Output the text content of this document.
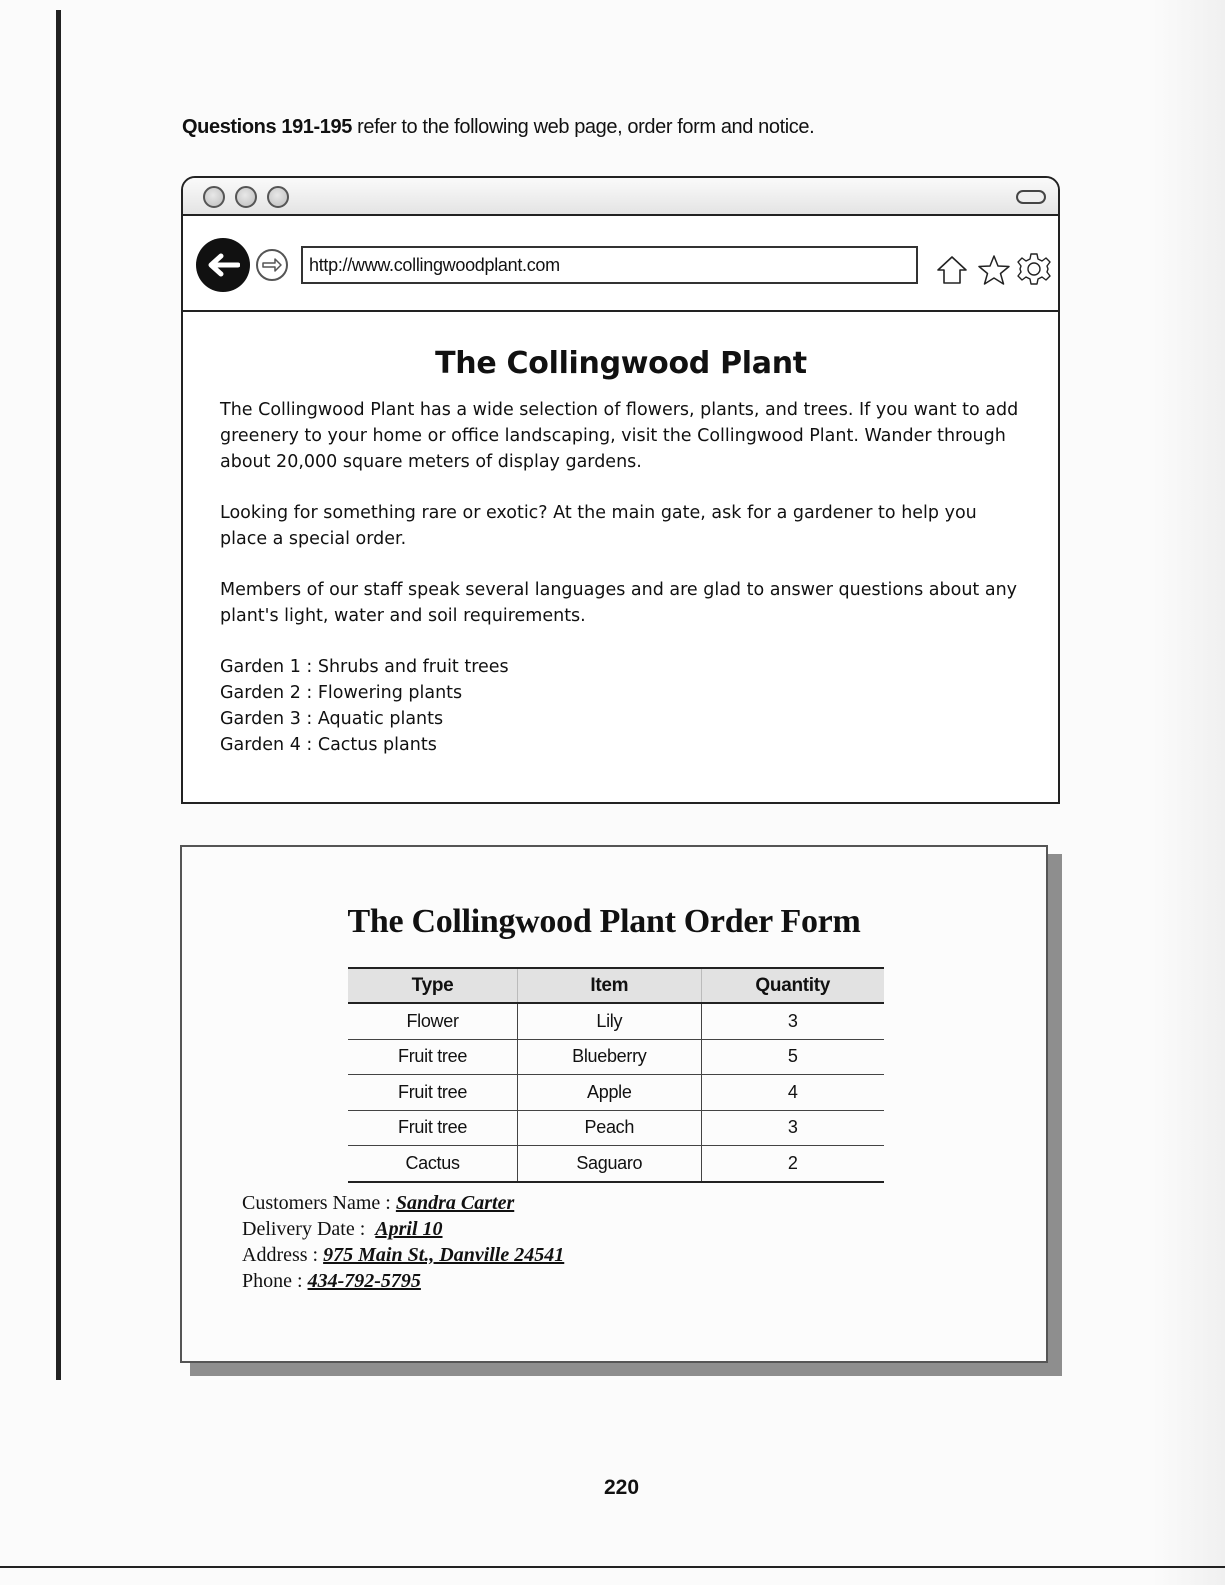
Questions 191-195 refer to the following web page, order form and notice.
http://www.collingwoodplant.com
The Collingwood Plant

The Collingwood Plant has a wide selection of flowers, plants, and trees. If you want to add greenery to your home or office landscaping, visit the Collingwood Plant. Wander through about 20,000 square meters of display gardens.

Looking for something rare or exotic? At the main gate, ask for a gardener to help you place a special order.

Members of our staff speak several languages and are glad to answer questions about any plant's light, water and soil requirements.

Garden 1 : Shrubs and fruit trees
Garden 2 : Flowering plants
Garden 3 : Aquatic plants
Garden 4 : Cactus plants
The Collingwood Plant Order Form
Type	Item	Quantity
Flower	Lily	3
Fruit tree	Blueberry	5
Fruit tree	Apple	4
Fruit tree	Peach	3
Cactus	Saguaro	2
Customers Name : Sandra Carter
Delivery Date :  April 10
Address : 975 Main St., Danville 24541
Phone : 434-792-5795
220
